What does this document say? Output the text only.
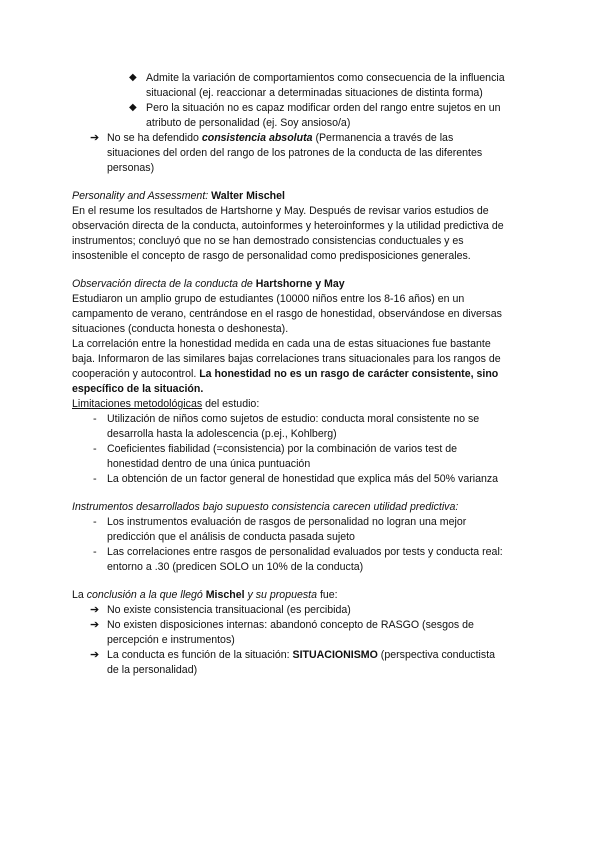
◆ Admite la variación de comportamientos como consecuencia de la influencia
situacional (ej. reaccionar a determinadas situaciones de distinta forma)
◆ Pero la situación no es capaz modificar orden del rango entre sujetos en un
atributo de personalidad (ej. Soy ansioso/a)
➔ No se ha defendido consistencia absoluta (Permanencia a través de las
situaciones del orden del rango de los patrones de la conducta de las diferentes
personas)
Personality and Assessment: Walter Mischel
En el resume los resultados de Hartshorne y May. Después de revisar varios estudios de
observación directa de la conducta, autoinformes y heteroinformes y la utilidad predictiva de
instrumentos; concluyó que no se han demostrado consistencias conductuales y es
insostenible el concepto de rasgo de personalidad como predisposiciones generales.
Observación directa de la conducta de Hartshorne y May
Estudiaron un amplio grupo de estudiantes (10000 niños entre los 8-16 años) en un
campamento de verano, centrándose en el rasgo de honestidad, observándose en diversas
situaciones (conducta honesta o deshonesta).
La correlación entre la honestidad medida en cada una de estas situaciones fue bastante
baja. Informaron de las similares bajas correlaciones trans situacionales para los rangos de
cooperación y autocontrol. La honestidad no es un rasgo de carácter consistente, sino
específico de la situación.
Limitaciones metodológicas del estudio:
- Utilización de niños como sujetos de estudio: conducta moral consistente no se
desarrolla hasta la adolescencia (p.ej., Kohlberg)
- Coeficientes fiabilidad (=consistencia) por la combinación de varios test de
honestidad dentro de una única puntuación
- La obtención de un factor general de honestidad que explica más del 50% varianza
Instrumentos desarrollados bajo supuesto consistencia carecen utilidad predictiva:
- Los instrumentos evaluación de rasgos de personalidad no logran una mejor
predicción que el análisis de conducta pasada sujeto
- Las correlaciones entre rasgos de personalidad evaluados por tests y conducta real:
entorno a .30 (predicen SOLO un 10% de la conducta)
La conclusión a la que llegó Mischel y su propuesta fue:
➔ No existe consistencia transituacional (es percibida)
➔ No existen disposiciones internas: abandonó concepto de RASGO (sesgos de
percepción e instrumentos)
➔ La conducta es función de la situación: SITUACIONISMO (perspectiva conductista
de la personalidad)
